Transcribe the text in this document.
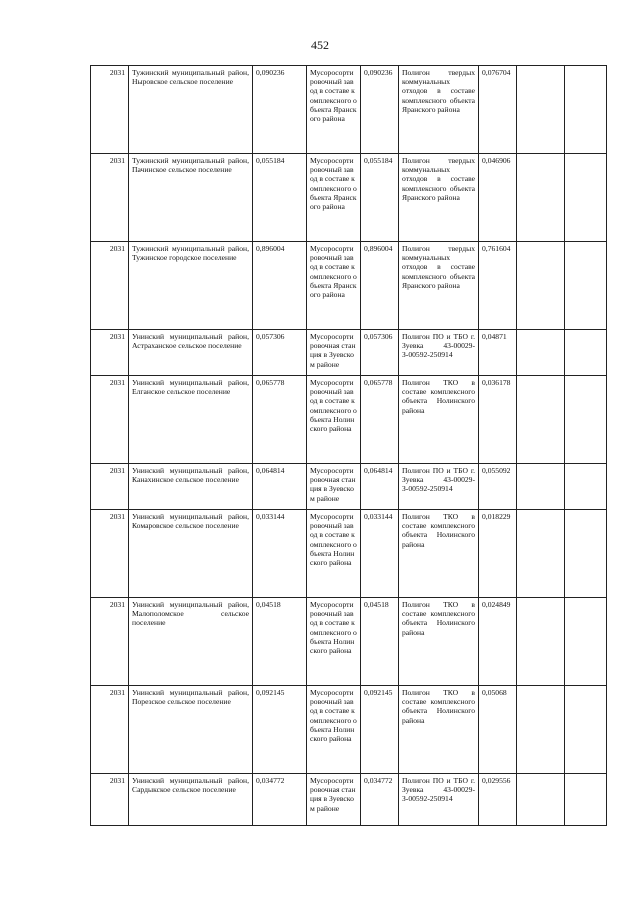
452
2031	Тужинский муниципальный район, Ныровское сельское поселение	0,090236	Мусоросортировочный завод в составе комплексного объекта Яранского района	0,090236	Полигон твердых коммунальных отходов в составе комплексного объекта Яранского района	0,076704		
2031	Тужинский муниципальный район, Пачинское сельское поселение	0,055184	Мусоросортировочный завод в составе комплексного объекта Яранского района	0,055184	Полигон твердых коммунальных отходов в составе комплексного объекта Яранского района	0,046906		
2031	Тужинский муниципальный район, Тужинское городское поселение	0,896004	Мусоросортировочный завод в составе комплексного объекта Яранского района	0,896004	Полигон твердых коммунальных отходов в составе комплексного объекта Яранского района	0,761604		
2031	Унинский муниципальный район, Астраханское сельское поселение	0,057306	Мусоросортировочная станция в Зуевском районе	0,057306	Полигон ПО и ТБО г. Зуевка 43-00029-З-00592-250914	0,04871		
2031	Унинский муниципальный район, Елганское сельское поселение	0,065778	Мусоросортировочный завод в составе комплексного объекта Нолинского района	0,065778	Полигон ТКО в составе комплексного объекта Нолинского района	0,036178		
2031	Унинский муниципальный район, Канахинское сельское поселение	0,064814	Мусоросортировочная станция в Зуевском районе	0,064814	Полигон ПО и ТБО г. Зуевка 43-00029-З-00592-250914	0,055092		
2031	Унинский муниципальный район, Комаровское сельское поселение	0,033144	Мусоросортировочный завод в составе комплексного объекта Нолинского района	0,033144	Полигон ТКО в составе комплексного объекта Нолинского района	0,018229		
2031	Унинский муниципальный район, Малополомское сельское поселение	0,04518	Мусоросортировочный завод в составе комплексного объекта Нолинского района	0,04518	Полигон ТКО в составе комплексного объекта Нолинского района	0,024849		
2031	Унинский муниципальный район, Порезское сельское поселение	0,092145	Мусоросортировочный завод в составе комплексного объекта Нолинского района	0,092145	Полигон ТКО в составе комплексного объекта Нолинского района	0,05068		
2031	Унинский муниципальный район, Сардыкское сельское поселение	0,034772	Мусоросортировочная станция в Зуевском районе	0,034772	Полигон ПО и ТБО г. Зуевка 43-00029-З-00592-250914	0,029556		
